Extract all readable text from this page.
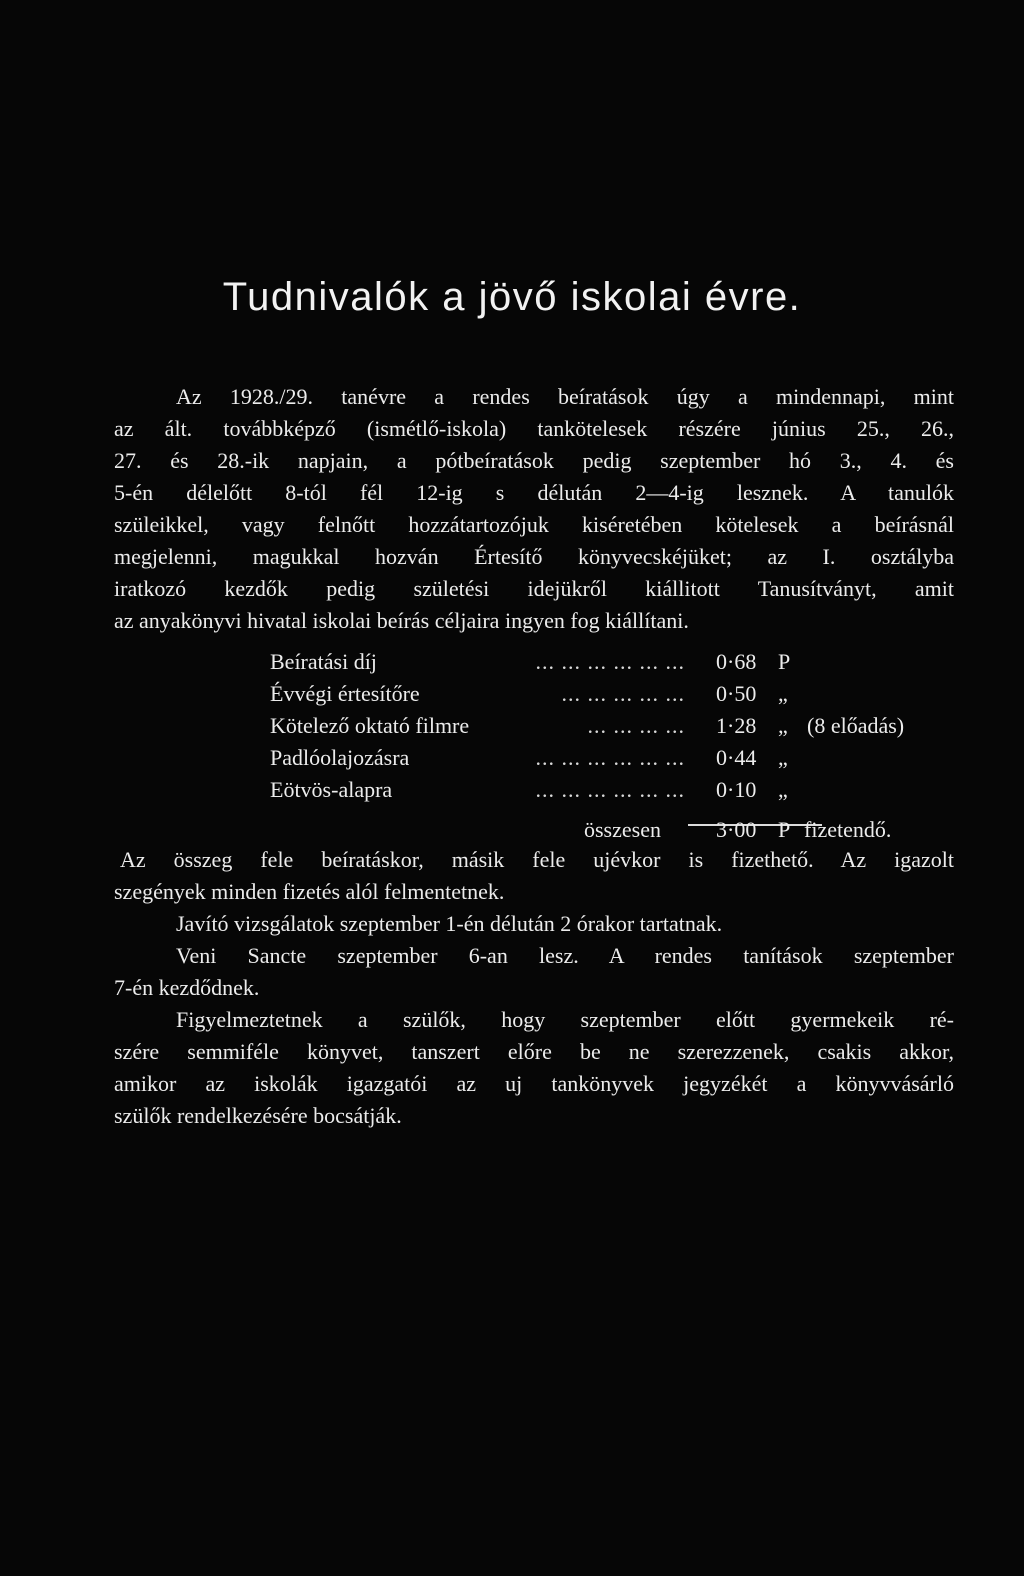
Tudnivalók a jövő iskolai évre.
Az 1928./29. tanévre a rendes beíratások úgy a mindennapi, mint
az ált. továbbképző (ismétlő-iskola) tankötelesek részére június 25., 26.,
27. és 28.-ik napjain, a pótbeíratások pedig szeptember hó 3., 4. és
5-én délelőtt 8-tól fél 12-ig s délután 2—4-ig lesznek. A tanulók
szüleikkel, vagy felnőtt hozzátartozójuk kiséretében kötelesek a beírásnál
megjelenni, magukkal hozván Értesítő könyvecskéjüket; az I. osztályba
iratkozó kezdők pedig születési idejükről kiállitott Tanusítványt, amit
az anyakönyvi hivatal iskolai beírás céljaira ingyen fog kiállítani.
Beíratási díj	... ... ... ... ... ... 0·68 P
Évvégi értesítőre	... ... ... ... ... 0·50 „
Kötelező oktató filmre	... ... ... ... 1·28 „ (8 előadás)
Padlóolajozásra	... ... ... ... ... ... 0·44 „
Eötvös-alapra	... ... ... ... ... ... 0·10 „
összesen	3·00 P fizetendő.
Az összeg fele beíratáskor, másik fele ujévkor is fizethető. Az igazolt
szegények minden fizetés alól felmentetnek.
Javító vizsgálatok szeptember 1-én délután 2 órakor tartatnak.
Veni Sancte szeptember 6-an lesz. A rendes tanítások szeptember
7-én kezdődnek.
Figyelmeztetnek a szülők, hogy szeptember előtt gyermekeik ré-
szére semmiféle könyvet, tanszert előre be ne szerezzenek, csakis akkor,
amikor az iskolák igazgatói az uj tankönyvek jegyzékét a könyvvásárló
szülők rendelkezésére bocsátják.
